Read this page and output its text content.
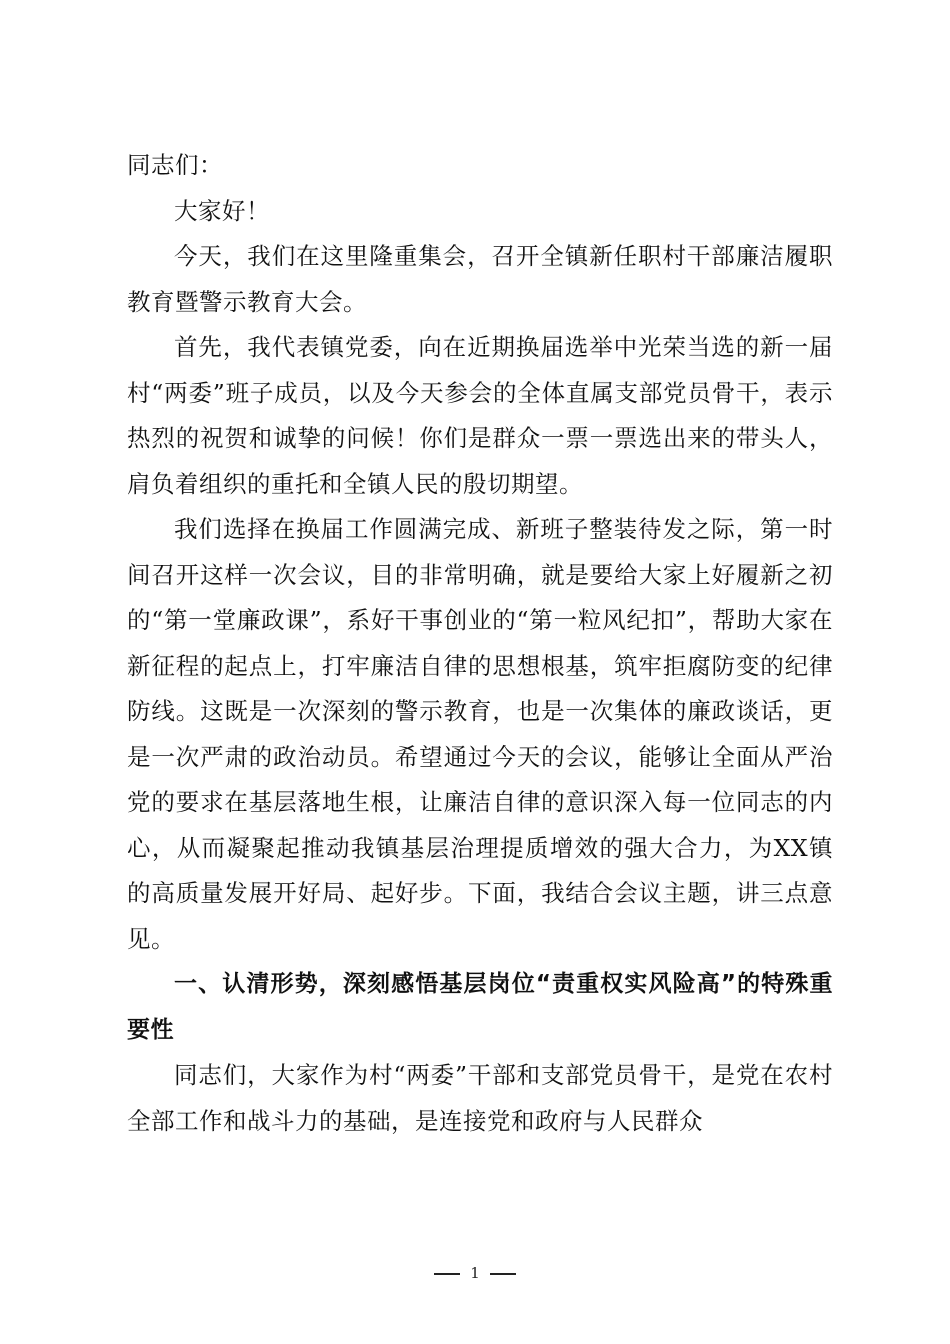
同志们：

大家好！

今天，我们在这里隆重集会，召开全镇新任职村干部廉洁履职教育暨警示教育大会。

首先，我代表镇党委，向在近期换届选举中光荣当选的新一届村“两委”班子成员，以及今天参会的全体直属支部党员骨干，表示热烈的祝贺和诚挚的问候！你们是群众一票一票选出来的带头人，肩负着组织的重托和全镇人民的殷切期望。

我们选择在换届工作圆满完成、新班子整装待发之际，第一时间召开这样一次会议，目的非常明确，就是要给大家上好履新之初的“第一堂廉政课”，系好干事创业的“第一粒风纪扣”，帮助大家在新征程的起点上，打牢廉洁自律的思想根基，筑牢拒腐防变的纪律防线。这既是一次深刻的警示教育，也是一次集体的廉政谈话，更是一次严肃的政治动员。希望通过今天的会议，能够让全面从严治党的要求在基层落地生根，让廉洁自律的意识深入每一位同志的内心，从而凝聚起推动我镇基层治理提质增效的强大合力，为XX镇的高质量发展开好局、起好步。下面，我结合会议主题，讲三点意见。

一、认清形势，深刻感悟基层岗位“责重权实风险高”的特殊重要性

同志们，大家作为村“两委”干部和支部党员骨干，是党在农村全部工作和战斗力的基础，是连接党和政府与人民群众

1
